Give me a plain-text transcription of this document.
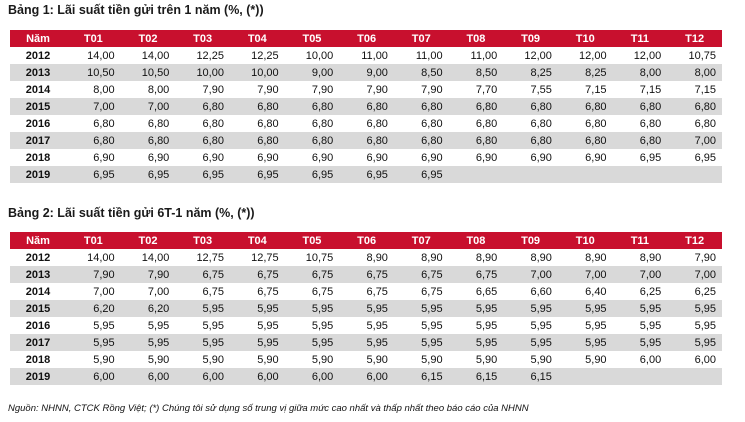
Bảng 1: Lãi suất tiền gửi trên 1 năm (%, (*))
Năm	T01	T02	T03	T04	T05	T06	T07	T08	T09	T10	T11	T12
2012	14,00	14,00	12,25	12,25	10,00	11,00	11,00	11,00	12,00	12,00	12,00	10,75
2013	10,50	10,50	10,00	10,00	9,00	9,00	8,50	8,50	8,25	8,25	8,00	8,00
2014	8,00	8,00	7,90	7,90	7,90	7,90	7,90	7,70	7,55	7,15	7,15	7,15
2015	7,00	7,00	6,80	6,80	6,80	6,80	6,80	6,80	6,80	6,80	6,80	6,80
2016	6,80	6,80	6,80	6,80	6,80	6,80	6,80	6,80	6,80	6,80	6,80	6,80
2017	6,80	6,80	6,80	6,80	6,80	6,80	6,80	6,80	6,80	6,80	6,80	7,00
2018	6,90	6,90	6,90	6,90	6,90	6,90	6,90	6,90	6,90	6,90	6,95	6,95
2019	6,95	6,95	6,95	6,95	6,95	6,95	6,95					
Bảng 2: Lãi suất tiền gửi 6T-1 năm (%, (*))
Năm	T01	T02	T03	T04	T05	T06	T07	T08	T09	T10	T11	T12
2012	14,00	14,00	12,75	12,75	10,75	8,90	8,90	8,90	8,90	8,90	8,90	7,90
2013	7,90	7,90	6,75	6,75	6,75	6,75	6,75	6,75	7,00	7,00	7,00	7,00
2014	7,00	7,00	6,75	6,75	6,75	6,75	6,75	6,65	6,60	6,40	6,25	6,25
2015	6,20	6,20	5,95	5,95	5,95	5,95	5,95	5,95	5,95	5,95	5,95	5,95
2016	5,95	5,95	5,95	5,95	5,95	5,95	5,95	5,95	5,95	5,95	5,95	5,95
2017	5,95	5,95	5,95	5,95	5,95	5,95	5,95	5,95	5,95	5,95	5,95	5,95
2018	5,90	5,90	5,90	5,90	5,90	5,90	5,90	5,90	5,90	5,90	6,00	6,00
2019	6,00	6,00	6,00	6,00	6,00	6,00	6,15	6,15	6,15			
Nguồn: NHNN, CTCK Rồng Việt; (*) Chúng tôi sử dụng số trung vị giữa mức cao nhất và thấp nhất theo báo cáo của NHNN
